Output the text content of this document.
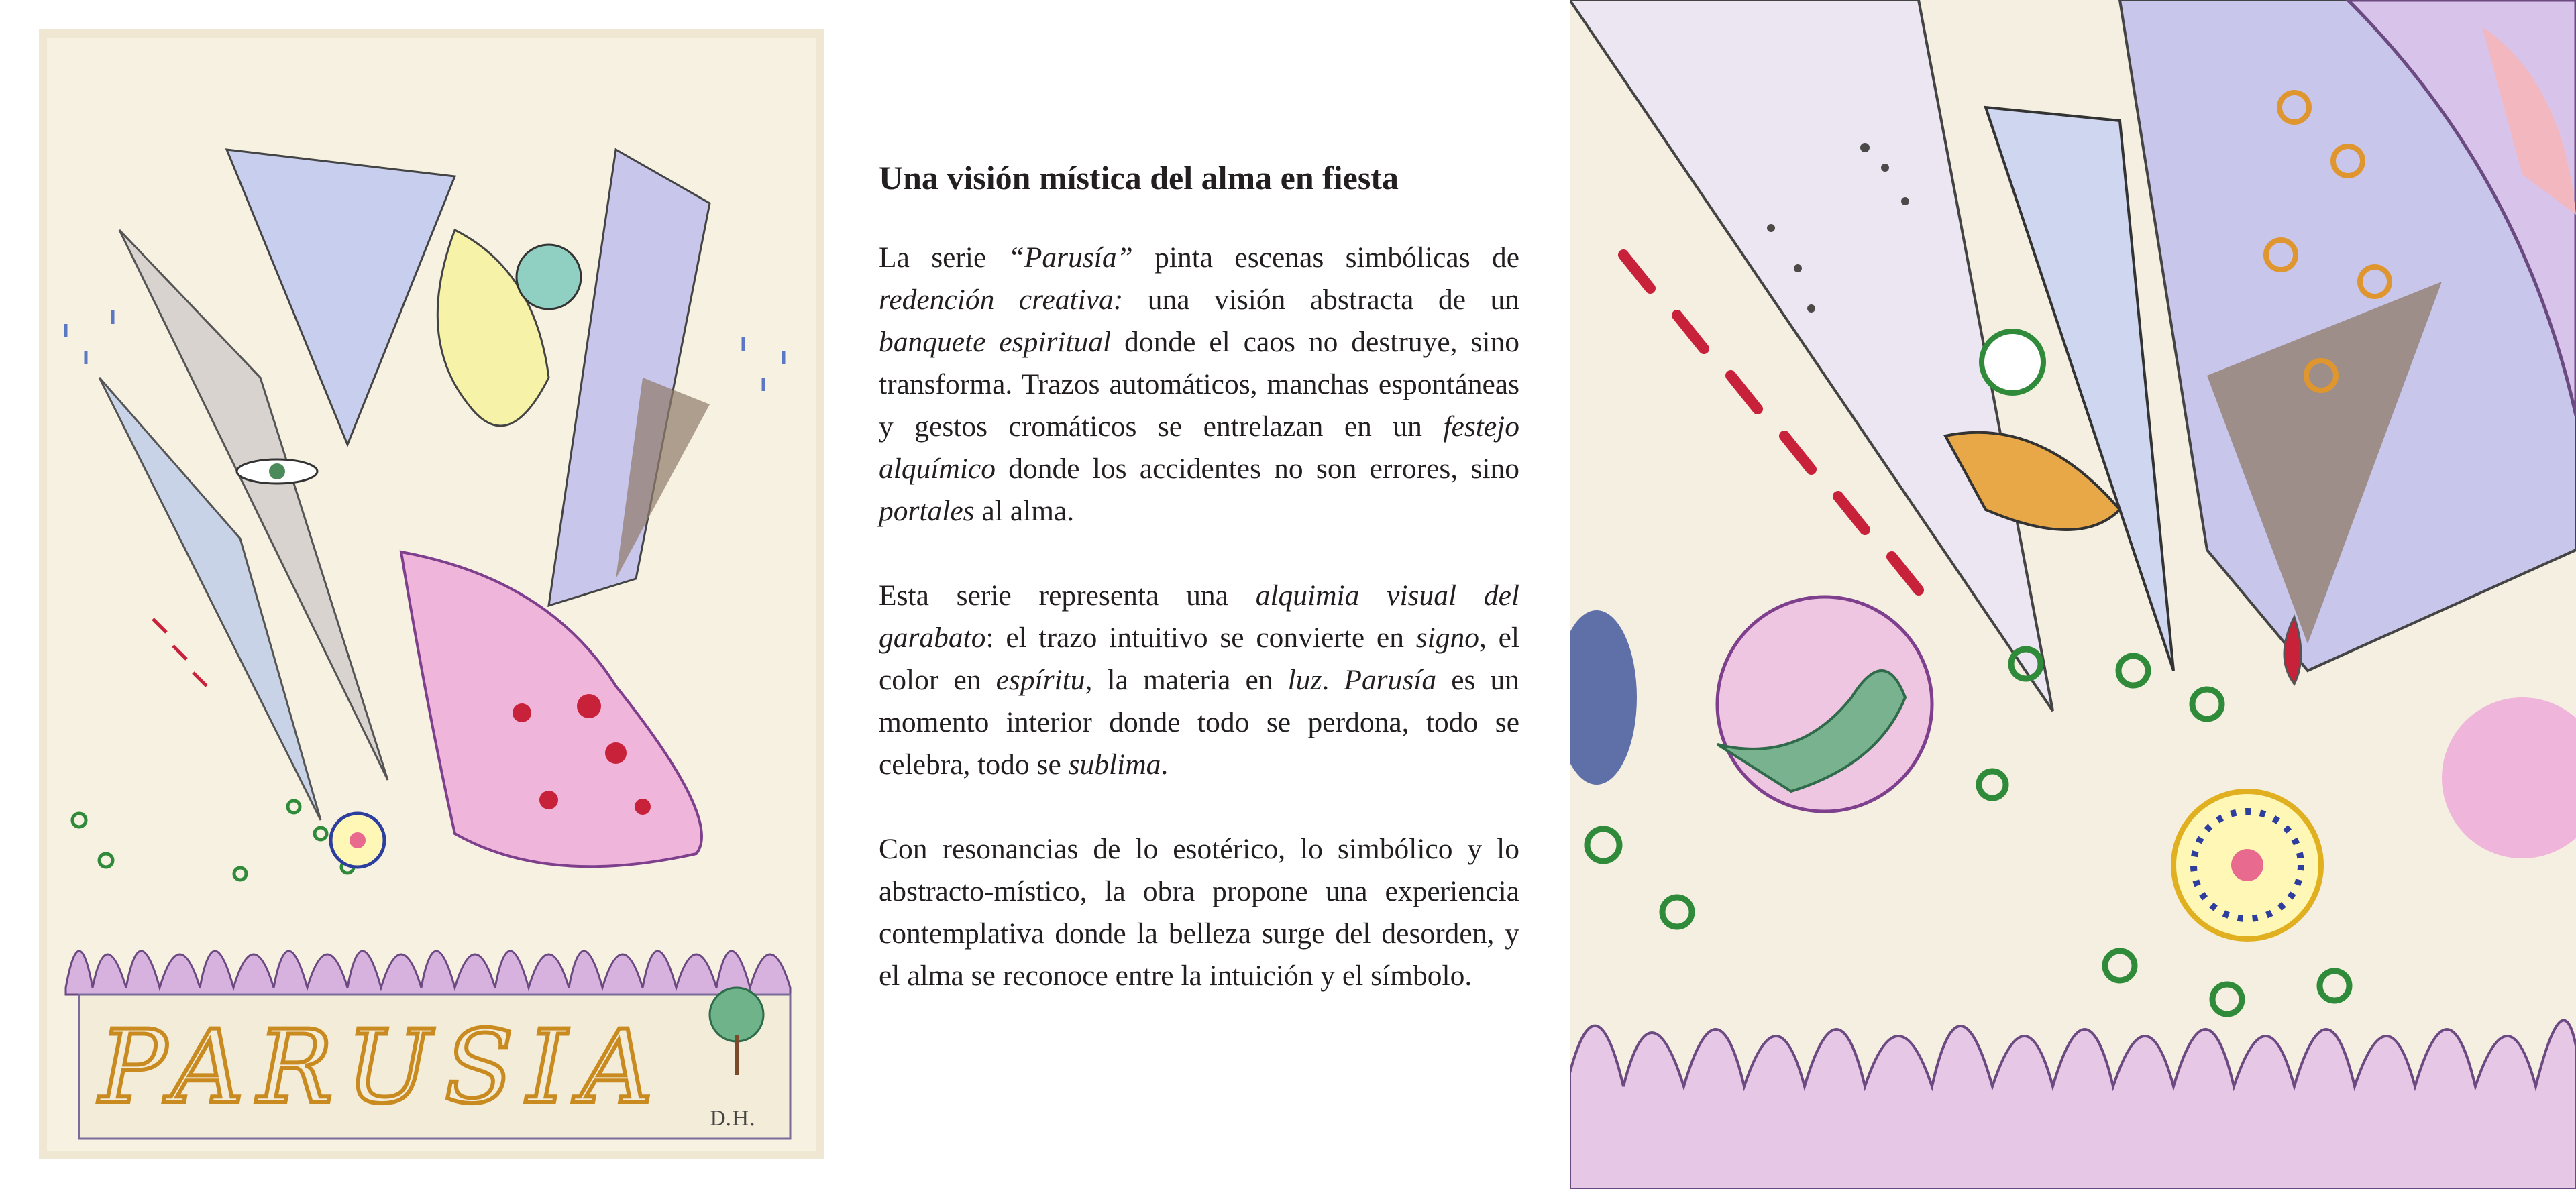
PARUSIA D.H.
Una visión mística del alma en fiesta

La serie “Parusía” pinta escenas simbólicas de redención creativa: una visión abstracta de un banquete espiritual donde el caos no destruye, sino transforma. Trazos automáticos, manchas espontáneas y gestos cromáticos se entrelazan en un festejo alquímico donde los accidentes no son errores, sino portales al alma.

Esta serie representa una alquimia visual del garabato: el trazo intuitivo se convierte en signo, el color en espíritu, la materia en luz. Parusía es un momento interior donde todo se perdona, todo se celebra, todo se sublima.

Con resonancias de lo esotérico, lo simbólico y lo abstracto-místico, la obra propone una experiencia contemplativa donde la belleza surge del desorden, y el alma se reconoce entre la intuición y el símbolo.
